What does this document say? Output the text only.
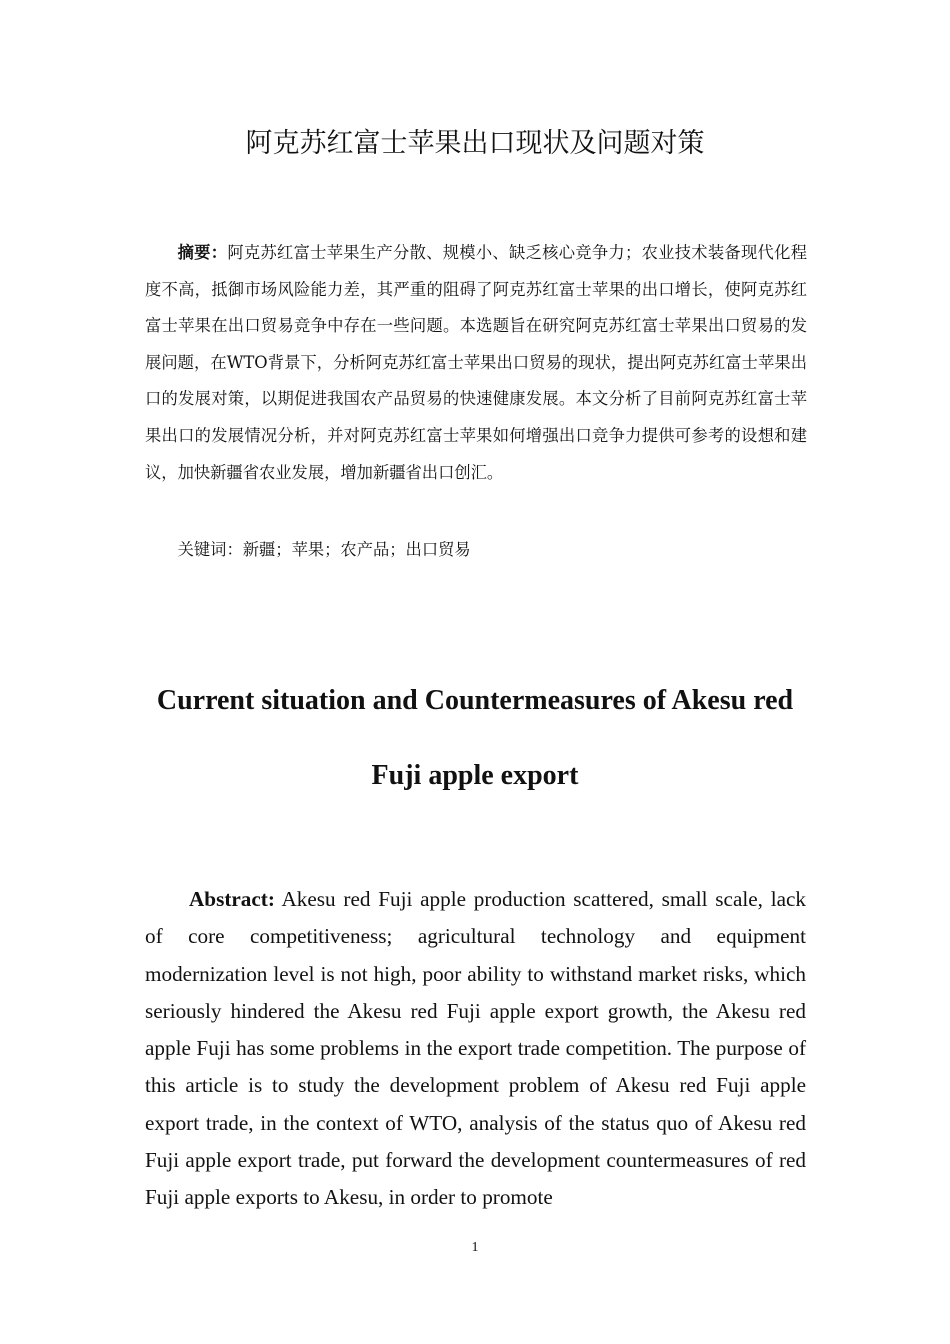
阿克苏红富士苹果出口现状及问题对策

摘要：阿克苏红富士苹果生产分散、规模小、缺乏核心竞争力；农业技术装备现代化程度不高，抵御市场风险能力差，其严重的阻碍了阿克苏红富士苹果的出口增长，使阿克苏红富士苹果在出口贸易竞争中存在一些问题。本选题旨在研究阿克苏红富士苹果出口贸易的发展问题，在WTO背景下，分析阿克苏红富士苹果出口贸易的现状，提出阿克苏红富士苹果出口的发展对策，以期促进我国农产品贸易的快速健康发展。本文分析了目前阿克苏红富士苹果出口的发展情况分析，并对阿克苏红富士苹果如何增强出口竞争力提供可参考的设想和建议，加快新疆省农业发展，增加新疆省出口创汇。

关键词：新疆；苹果；农产品；出口贸易

Current situation and Countermeasures of Akesu red Fuji apple export

Abstract: Akesu red Fuji apple production scattered, small scale, lack of core competitiveness; agricultural technology and equipment modernization level is not high, poor ability to withstand market risks, which seriously hindered the Akesu red Fuji apple export growth, the Akesu red apple Fuji has some problems in the export trade competition. The purpose of this article is to study the development problem of Akesu red Fuji apple export trade, in the context of WTO, analysis of the status quo of Akesu red Fuji apple export trade, put forward the development countermeasures of red Fuji apple exports to Akesu, in order to promote

1
